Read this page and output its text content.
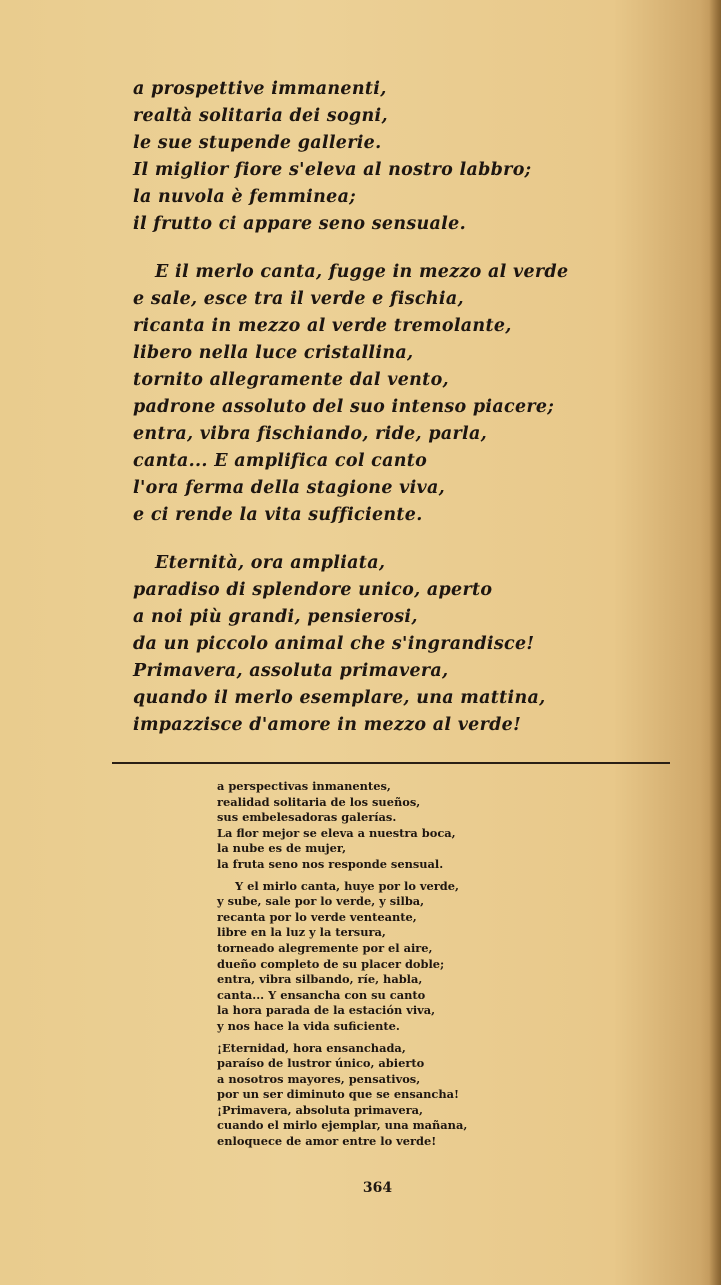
a prospettive immanenti,
realtà solitaria dei sogni,
le sue stupende gallerie.
Il miglior fiore s'eleva al nostro labbro;
la nuvola è femminea;
il frutto ci appare seno sensuale.
E il merlo canta, fugge in mezzo al verde
e sale, esce tra il verde e fischia,
ricanta in mezzo al verde tremolante,
libero nella luce cristallina,
tornito allegramente dal vento,
padrone assoluto del suo intenso piacere;
entra, vibra fischiando, ride, parla,
canta... E amplifica col canto
l'ora ferma della stagione viva,
e ci rende la vita sufficiente.
Eternità, ora ampliata,
paradiso di splendore unico, aperto
a noi più grandi, pensierosi,
da un piccolo animal che s'ingrandisce!
Primavera, assoluta primavera,
quando il merlo esemplare, una mattina,
impazzisce d'amore in mezzo al verde!
a perspectivas inmanentes,
realidad solitaria de los sueños,
sus embelesadoras galerías.
La flor mejor se eleva a nuestra boca,
la nube es de mujer,
la fruta seno nos responde sensual.
Y el mirlo canta, huye por lo verde,
y sube, sale por lo verde, y silba,
recanta por lo verde venteante,
libre en la luz y la tersura,
torneado alegremente por el aire,
dueño completo de su placer doble;
entra, vibra silbando, ríe, habla,
canta... Y ensancha con su canto
la hora parada de la estación viva,
y nos hace la vida suficiente.
¡Eternidad, hora ensanchada,
paraíso de lustror único, abierto
a nosotros mayores, pensativos,
por un ser diminuto que se ensancha!
¡Primavera, absoluta primavera,
cuando el mirlo ejemplar, una mañana,
enloquece de amor entre lo verde!
364
